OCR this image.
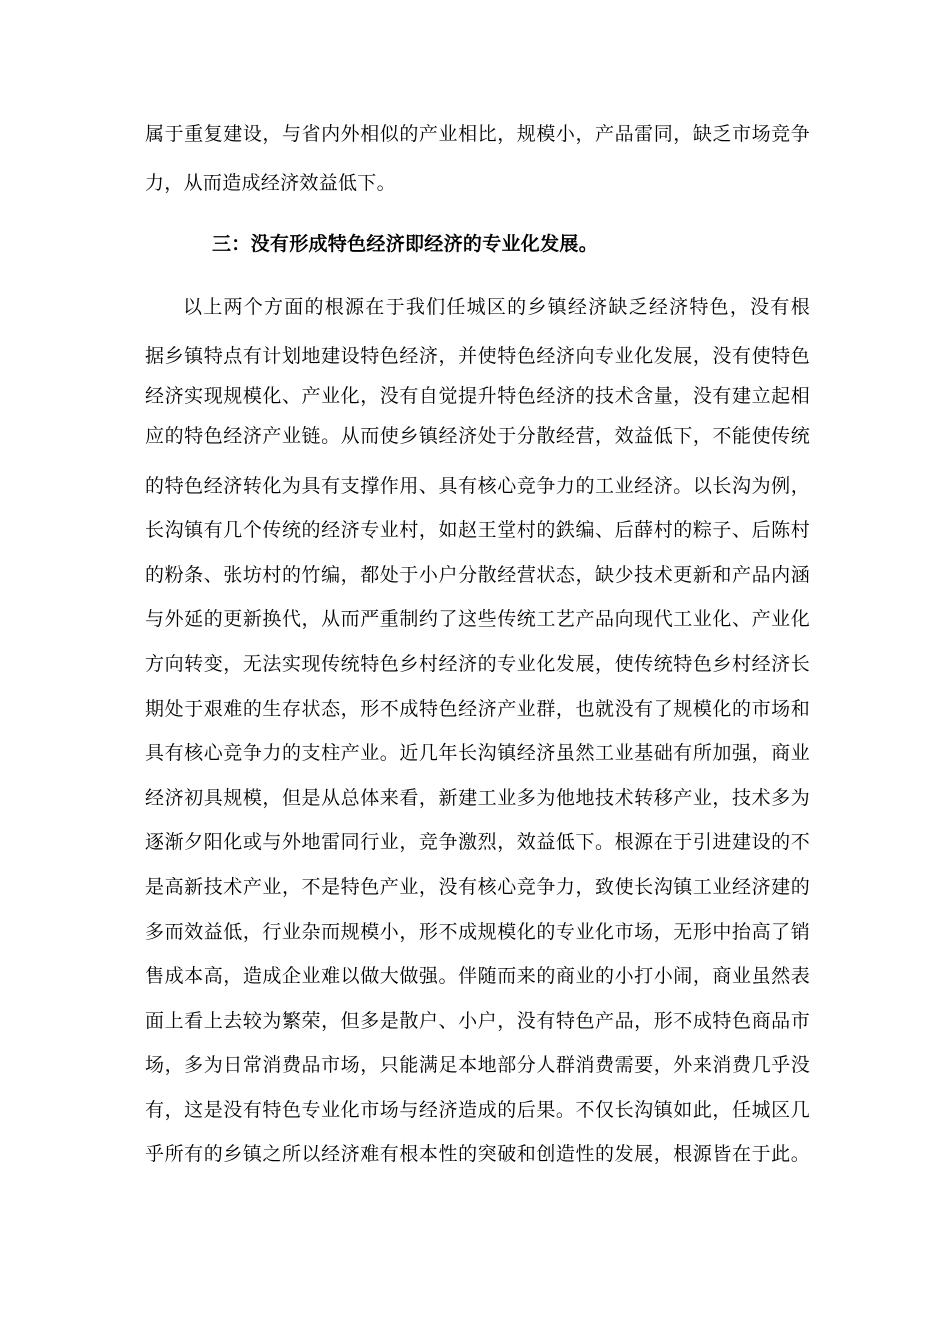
属于重复建设，与省内外相似的产业相比，规模小，产品雷同，缺乏市场竞争

力，从而造成经济效益低下。

三：没有形成特色经济即经济的专业化发展。

以上两个方面的根源在于我们任城区的乡镇经济缺乏经济特色，没有根

据乡镇特点有计划地建设特色经济，并使特色经济向专业化发展，没有使特色

经济实现规模化、产业化，没有自觉提升特色经济的技术含量，没有建立起相

应的特色经济产业链。从而使乡镇经济处于分散经营，效益低下，不能使传统

的特色经济转化为具有支撑作用、具有核心竞争力的工业经济。以长沟为例，

长沟镇有几个传统的经济专业村，如赵王堂村的鉄编、后薛村的粽子、后陈村

的粉条、张坊村的竹编，都处于小户分散经营状态，缺少技术更新和产品内涵

与外延的更新换代，从而严重制约了这些传统工艺产品向现代工业化、产业化

方向转变，无法实现传统特色乡村经济的专业化发展，使传统特色乡村经济长

期处于艰难的生存状态，形不成特色经济产业群，也就没有了规模化的市场和

具有核心竞争力的支柱产业。近几年长沟镇经济虽然工业基础有所加强，商业

经济初具规模，但是从总体来看，新建工业多为他地技术转移产业，技术多为

逐渐夕阳化或与外地雷同行业，竞争激烈，效益低下。根源在于引进建设的不

是高新技术产业，不是特色产业，没有核心竞争力，致使长沟镇工业经济建的

多而效益低，行业杂而规模小，形不成规模化的专业化市场，无形中抬高了销

售成本高，造成企业难以做大做强。伴随而来的商业的小打小闹，商业虽然表

面上看上去较为繁荣，但多是散户、小户，没有特色产品，形不成特色商品市

场，多为日常消费品市场，只能满足本地部分人群消费需要，外来消费几乎没

有，这是没有特色专业化市场与经济造成的后果。不仅长沟镇如此，任城区几

乎所有的乡镇之所以经济难有根本性的突破和创造性的发展，根源皆在于此。
